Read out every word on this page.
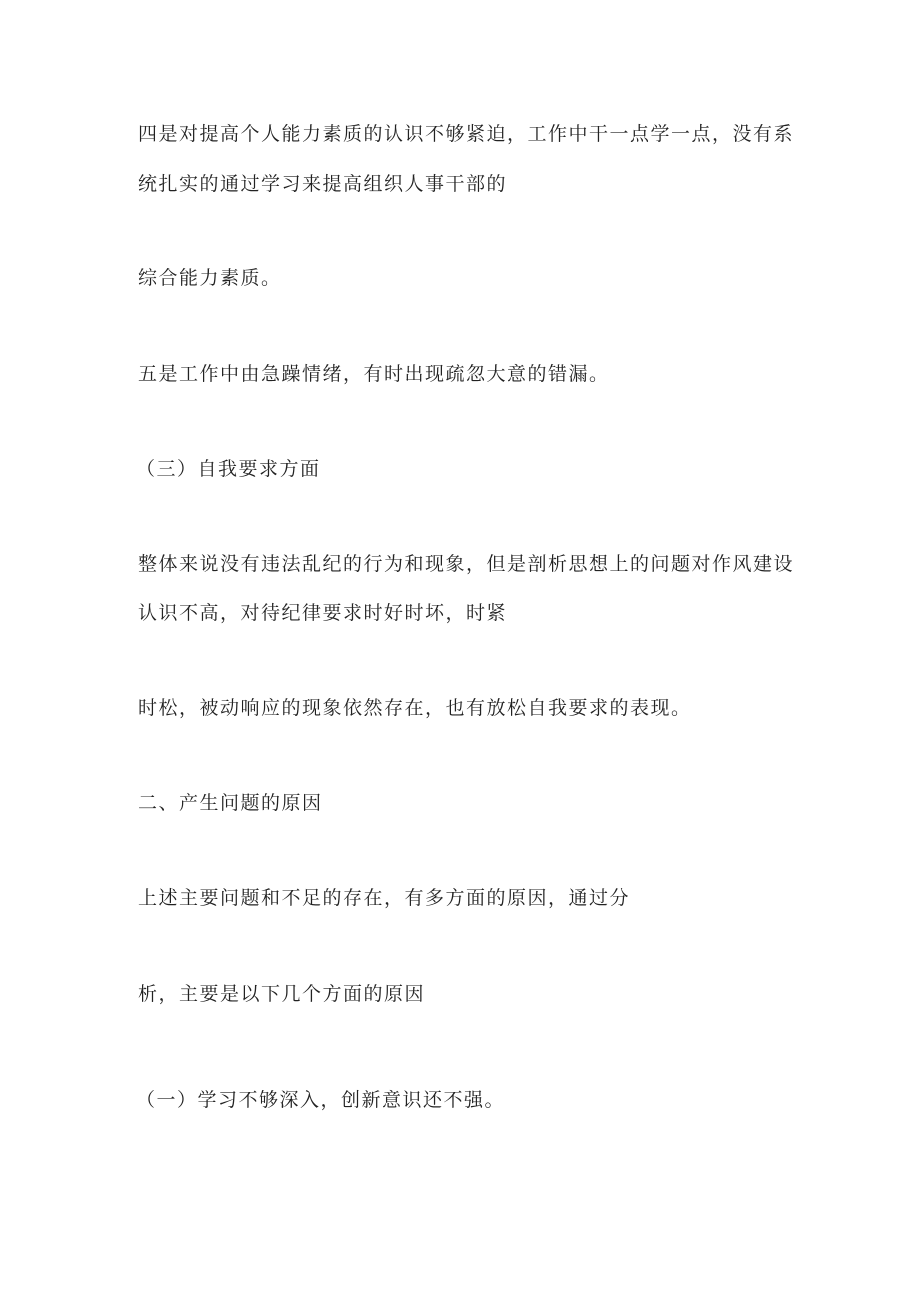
四是对提高个人能力素质的认识不够紧迫，工作中干一点学一点，没有系
统扎实的通过学习来提高组织人事干部的
综合能力素质。
五是工作中由急躁情绪，有时出现疏忽大意的错漏。
（三）自我要求方面
整体来说没有违法乱纪的行为和现象，但是剖析思想上的问题对作风建设
认识不高，对待纪律要求时好时坏，时紧
时松，被动响应的现象依然存在，也有放松自我要求的表现。
二、产生问题的原因
上述主要问题和不足的存在，有多方面的原因，通过分
析，主要是以下几个方面的原因
（一）学习不够深入，创新意识还不强。
